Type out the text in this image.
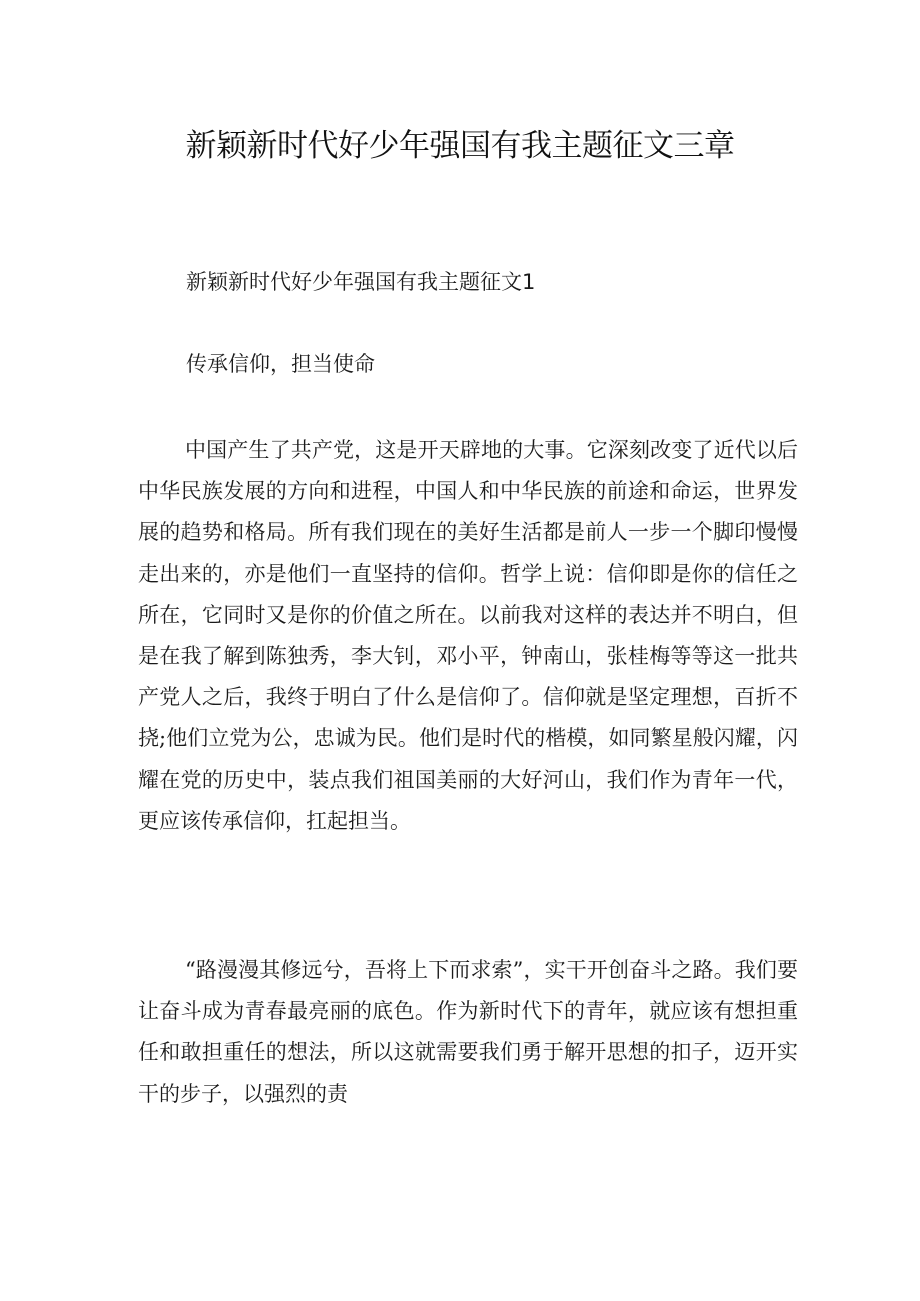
新颖新时代好少年强国有我主题征文三章
新颖新时代好少年强国有我主题征文1
传承信仰，担当使命

中国产生了共产党，这是开天辟地的大事。它深刻改变了近代以后中华民族发展的方向和进程，中国人和中华民族的前途和命运，世界发展的趋势和格局。所有我们现在的美好生活都是前人一步一个脚印慢慢走出来的，亦是他们一直坚持的信仰。哲学上说：信仰即是你的信任之所在，它同时又是你的价值之所在。以前我对这样的表达并不明白，但是在我了解到陈独秀，李大钊，邓小平，钟南山，张桂梅等等这一批共产党人之后，我终于明白了什么是信仰了。信仰就是坚定理想，百折不挠;他们立党为公，忠诚为民。他们是时代的楷模，如同繁星般闪耀，闪耀在党的历史中，装点我们祖国美丽的大好河山，我们作为青年一代，更应该传承信仰，扛起担当。

“路漫漫其修远兮，吾将上下而求索”，实干开创奋斗之路。我们要让奋斗成为青春最亮丽的底色。作为新时代下的青年，就应该有想担重任和敢担重任的想法，所以这就需要我们勇于解开思想的扣子，迈开实干的步子，以强烈的责
